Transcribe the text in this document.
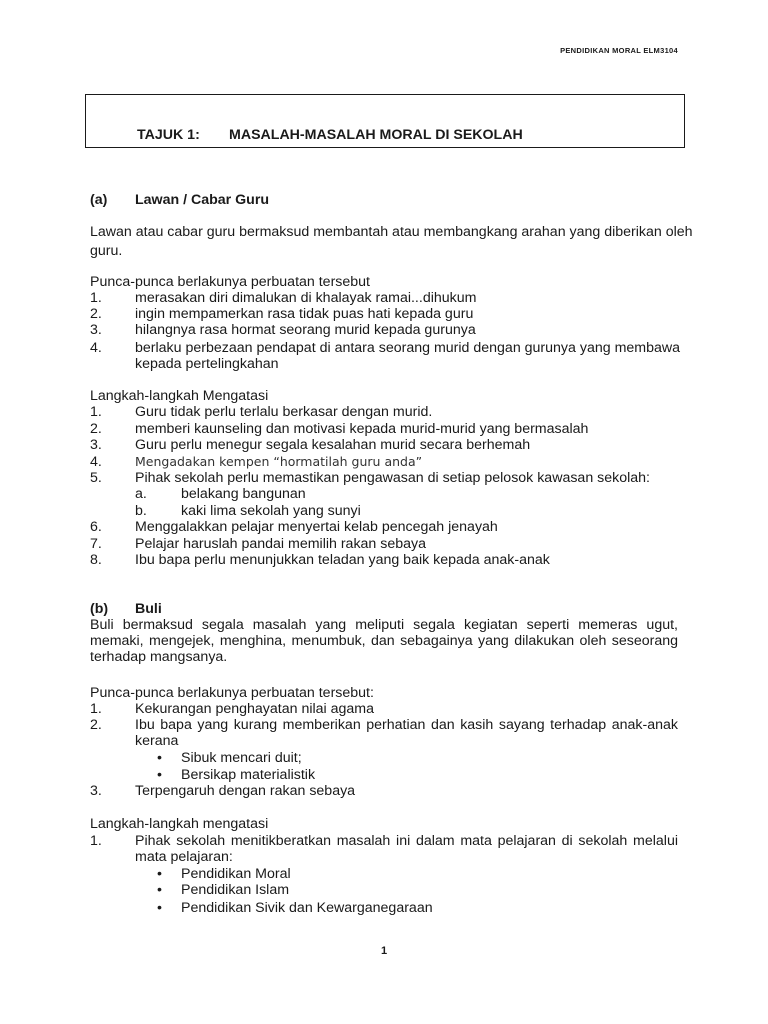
PENDIDIKAN MORAL ELM3104
TAJUK 1: MASALAH-MASALAH MORAL DI SEKOLAH
(a) Lawan / Cabar Guru
Lawan atau cabar guru bermaksud membantah atau membangkang arahan yang diberikan oleh
guru.
Punca-punca berlakunya perbuatan tersebut
1. merasakan diri dimalukan di khalayak ramai...dihukum
2. ingin mempamerkan rasa tidak puas hati kepada guru
3. hilangnya rasa hormat seorang murid kepada gurunya
4. berlaku perbezaan pendapat di antara seorang murid dengan gurunya yang membawa
kepada pertelingkahan
Langkah-langkah Mengatasi
1. Guru tidak perlu terlalu berkasar dengan murid.
2. memberi kaunseling dan motivasi kepada murid-murid yang bermasalah
3. Guru perlu menegur segala kesalahan murid secara berhemah
4.	Mengadakan kempen “hormatilah guru anda”
5. Pihak sekolah perlu memastikan pengawasan di setiap pelosok kawasan sekolah:
a. belakang bangunan
b. kaki lima sekolah yang sunyi
6. Menggalakkan pelajar menyertai kelab pencegah jenayah
7. Pelajar haruslah pandai memilih rakan sebaya
8. Ibu bapa perlu menunjukkan teladan yang baik kepada anak-anak
(b) Buli
Buli bermaksud segala masalah yang meliputi segala kegiatan seperti memeras ugut, memaki, mengejek, menghina, menumbuk, dan sebagainya yang dilakukan oleh seseorang terhadap mangsanya.
Punca-punca berlakunya perbuatan tersebut:
1. Kekurangan penghayatan nilai agama
2. Ibu bapa yang kurang memberikan perhatian dan kasih sayang terhadap anak-anak kerana
• Sibuk mencari duit;
• Bersikap materialistik
3. Terpengaruh dengan rakan sebaya
Langkah-langkah mengatasi
1. Pihak sekolah menitikberatkan masalah ini dalam mata pelajaran di sekolah melalui mata pelajaran:
• Pendidikan Moral
• Pendidikan Islam
• Pendidikan Sivik dan Kewarganegaraan
1
